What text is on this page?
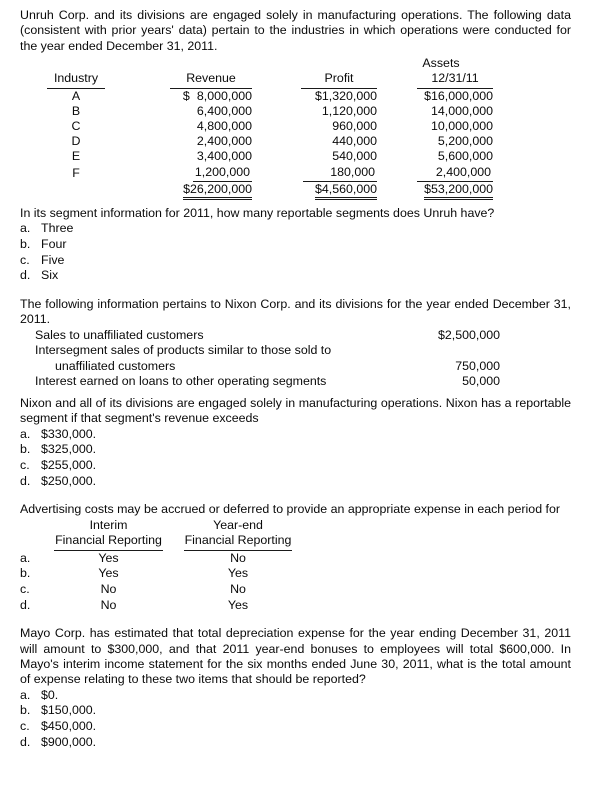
Unruh Corp. and its divisions are engaged solely in manufacturing operations. The following data (consistent with prior years' data) pertain to the industries in which operations were conducted for the year ended December 31, 2011.

			Assets
Industry	Revenue	Profit	12/31/11
A	$ 8,000,000	$1,320,000	$16,000,000
B	6,400,000	1,120,000	14,000,000
C	4,800,000	960,000	10,000,000
D	2,400,000	440,000	5,200,000
E	3,400,000	540,000	5,600,000
F	1,200,000	180,000	2,400,000
	$26,200,000	$4,560,000	$53,200,000

In its segment information for 2011, how many reportable segments does Unruh have?

a. Three
b. Four
c. Five
d. Six

The following information pertains to Nixon Corp. and its divisions for the year ended December 31, 2011.

Sales to unaffiliated customers	$2,500,000
Intersegment sales of products similar to those sold to	
unaffiliated customers	750,000
Interest earned on loans to other operating segments	50,000

Nixon and all of its divisions are engaged solely in manufacturing operations. Nixon has a reportable segment if that segment's revenue exceeds

a. $330,000.
b. $325,000.
c. $255,000.
d. $250,000.

Advertising costs may be accrued or deferred to provide an appropriate expense in each period for

	Interim	Year-end
	Financial Reporting	Financial Reporting
a.	Yes	No
b.	Yes	Yes
c.	No	No
d.	No	Yes

Mayo Corp. has estimated that total depreciation expense for the year ending December 31, 2011 will amount to $300,000, and that 2011 year-end bonuses to employees will total $600,000. In Mayo's interim income statement for the six months ended June 30, 2011, what is the total amount of expense relating to these two items that should be reported?

a. $0.
b. $150,000.
c. $450,000.
d. $900,000.
